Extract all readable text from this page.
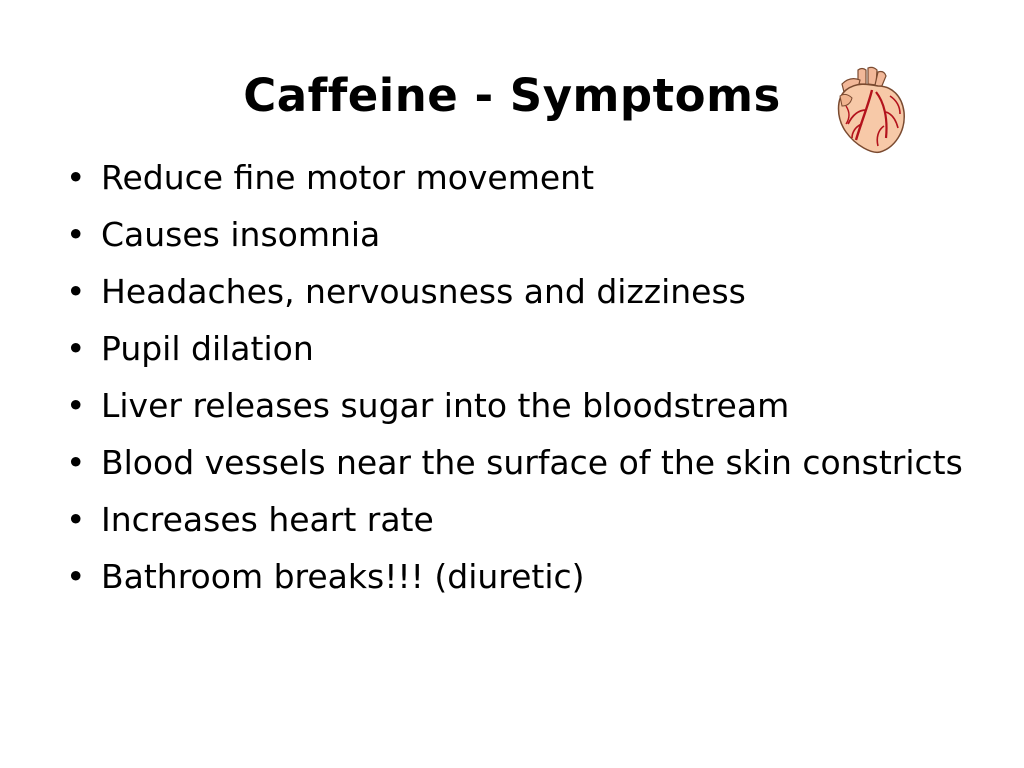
Caffeine - Symptoms
• Reduce fine motor movement
• Causes insomnia
• Headaches, nervousness and dizziness
• Pupil dilation
• Liver releases sugar into the bloodstream
• Blood vessels near the surface of the skin constricts
• Increases heart rate
• Bathroom breaks!!! (diuretic)
